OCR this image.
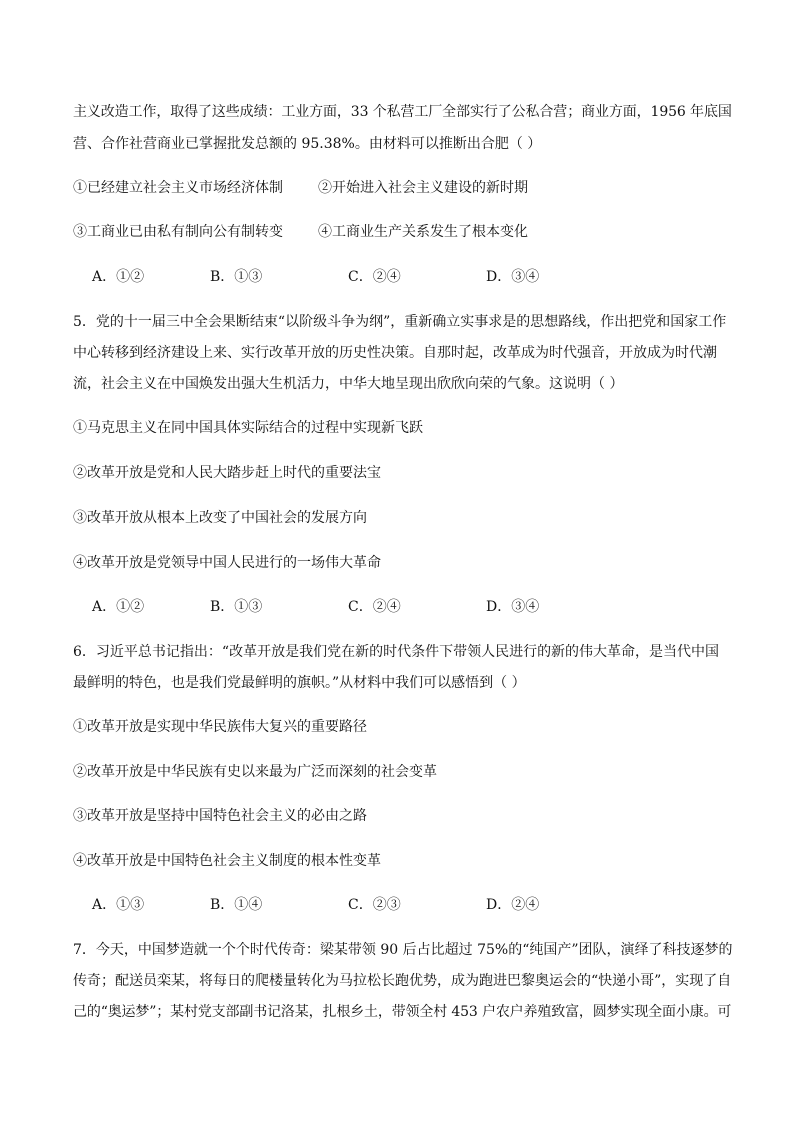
主义改造工作，取得了这些成绩：工业方面，33 个私营工厂全部实行了公私合营；商业方面，1956 年底国
营、合作社营商业已掌握批发总额的 95.38%。由材料可以推断出合肥（ ）
①已经建立社会主义市场经济体制	②开始进入社会主义建设的新时期
③工商业已由私有制向公有制转变	④工商业生产关系发生了根本变化
A．①②	B．①③	C．②④	D．③④
5．党的十一届三中全会果断结束“以阶级斗争为纲”，重新确立实事求是的思想路线，作出把党和国家工作
中心转移到经济建设上来、实行改革开放的历史性决策。自那时起，改革成为时代强音，开放成为时代潮
流，社会主义在中国焕发出强大生机活力，中华大地呈现出欣欣向荣的气象。这说明（ ）
①马克思主义在同中国具体实际结合的过程中实现新飞跃
②改革开放是党和人民大踏步赶上时代的重要法宝
③改革开放从根本上改变了中国社会的发展方向
④改革开放是党领导中国人民进行的一场伟大革命
A．①②	B．①③	C．②④	D．③④
6．习近平总书记指出：“改革开放是我们党在新的时代条件下带领人民进行的新的伟大革命，是当代中国
最鲜明的特色，也是我们党最鲜明的旗帜。”从材料中我们可以感悟到（ ）
①改革开放是实现中华民族伟大复兴的重要路径
②改革开放是中华民族有史以来最为广泛而深刻的社会变革
③改革开放是坚持中国特色社会主义的必由之路
④改革开放是中国特色社会主义制度的根本性变革
A．①③	B．①④	C．②③	D．②④
7．今天，中国梦造就一个个时代传奇：梁某带领 90 后占比超过 75%的“纯国产”团队，演绎了科技逐梦的
传奇；配送员栾某，将每日的爬楼量转化为马拉松长跑优势，成为跑进巴黎奥运会的“快递小哥”，实现了自
己的“奥运梦”；某村党支部副书记洛某，扎根乡土，带领全村 453 户农户养殖致富，圆梦实现全面小康。可
